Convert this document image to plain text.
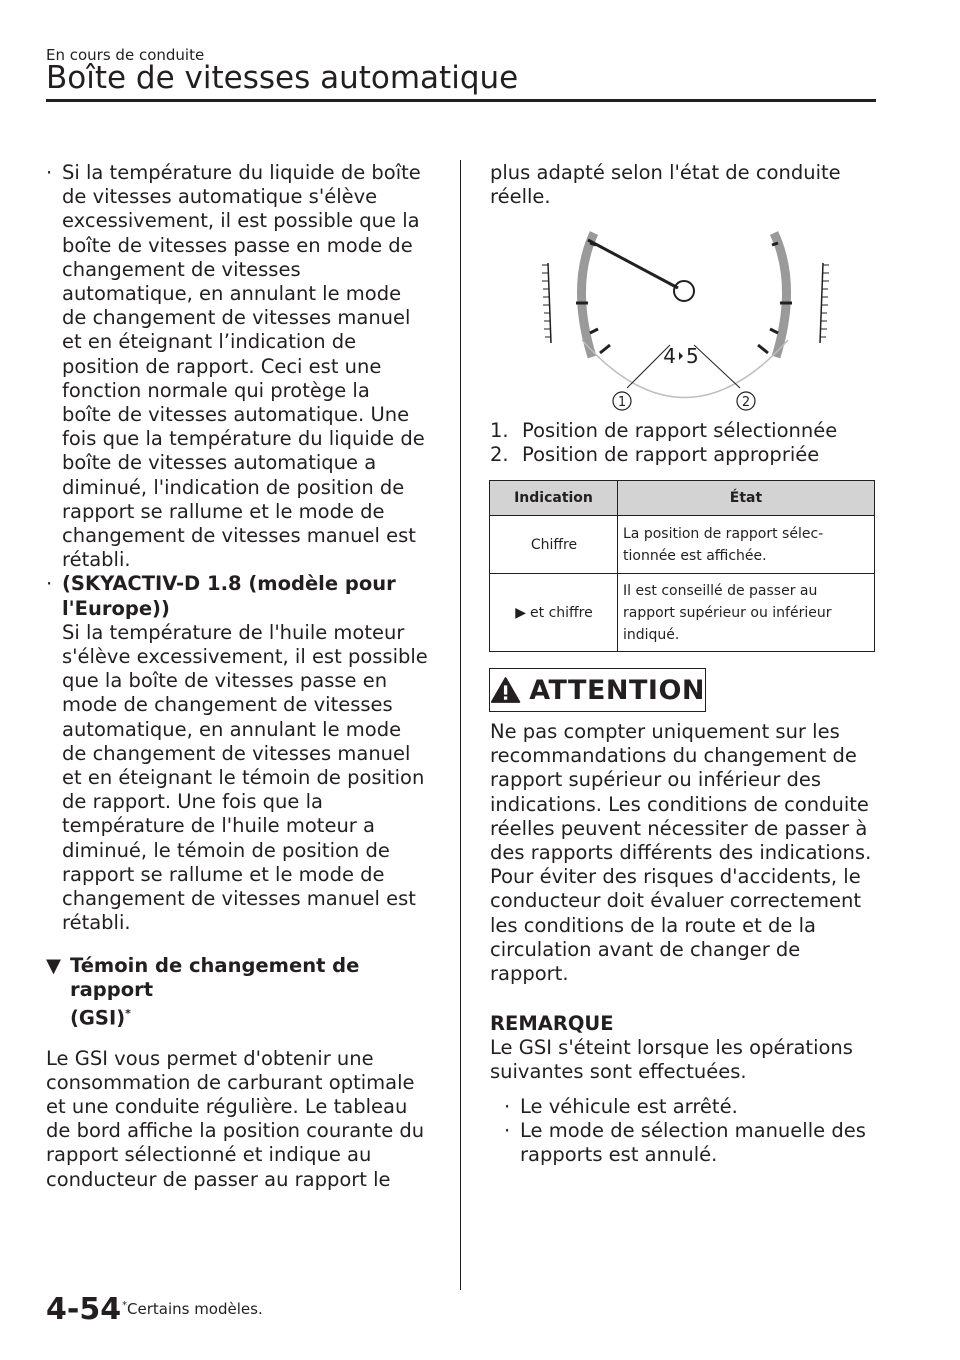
En cours de conduite
Boîte de vitesses automatique
· Si la température du liquide de boîte

de vitesses automatique s'élève

excessivement, il est possible que la

boîte de vitesses passe en mode de

changement de vitesses

automatique, en annulant le mode

de changement de vitesses manuel

et en éteignant l’indication de

position de rapport. Ceci est une

fonction normale qui protège la

boîte de vitesses automatique. Une

fois que la température du liquide de

boîte de vitesses automatique a

diminué, l'indication de position de

rapport se rallume et le mode de

changement de vitesses manuel est

rétabli.

· (SKYACTIV-D 1.8 (modèle pour

l'Europe))

Si la température de l'huile moteur

s'élève excessivement, il est possible

que la boîte de vitesses passe en

mode de changement de vitesses

automatique, en annulant le mode

de changement de vitesses manuel

et en éteignant le témoin de position

de rapport. Une fois que la

température de l'huile moteur a

diminué, le témoin de position de

rapport se rallume et le mode de

changement de vitesses manuel est

rétabli.

▼ Témoin de changement de rapport

(GSI)*

Le GSI vous permet d'obtenir une

consommation de carburant optimale

et une conduite régulière. Le tableau

de bord affiche la position courante du

rapport sélectionné et indique au

conducteur de passer au rapport le

plus adapté selon l'état de conduite

réelle.

4 5
1	2

1. Position de rapport sélectionnée

2. Position de rapport appropriée

Indication	État
Chiffre	La position de rapport sélec-
tionnée est affichée.

▶ et chiffre	Il est conseillé de passer au
rapport supérieur ou inférieur
indiqué.
ATTENTION

Ne pas compter uniquement sur les

recommandations du changement de

rapport supérieur ou inférieur des

indications. Les conditions de conduite

réelles peuvent nécessiter de passer à

des rapports différents des indications.

Pour éviter des risques d'accidents, le

conducteur doit évaluer correctement

les conditions de la route et de la

circulation avant de changer de

rapport.

REMARQUE

Le GSI s'éteint lorsque les opérations

suivantes sont effectuées.

· Le véhicule est arrêté.

· Le mode de sélection manuelle des

rapports est annulé.

4-54 *Certains modèles.
